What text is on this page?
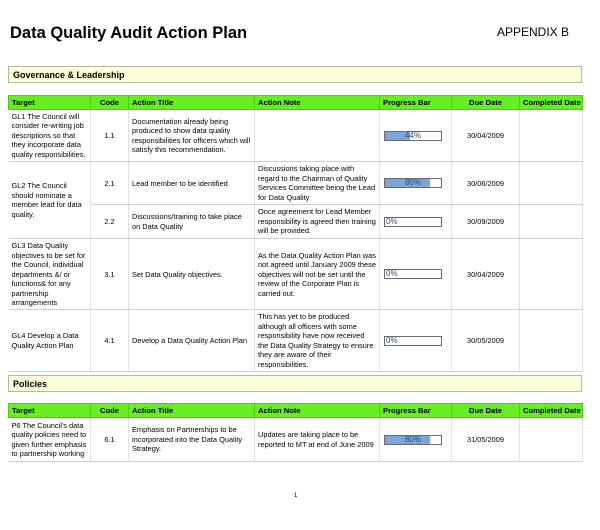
Data Quality Audit Action Plan	APPENDIX B
Governance & Leadership
Target	Code	Action Title	Action Note	Progress Bar	Due Date	Completed Date
GL1 The Council will consider re-writing job descriptions so that they incorporate data quality responsibilities.	1.1	Documentation already being produced to show data quality responsibilities for officers which will satisfy this recommendation.		44%	30/04/2009	
GL2 The Council should nominate a member lead for data quality.	2.1	Lead member to be identified	Discussions taking place with regard to the Chairman of Quality Services Committee being the Lead for Data Quality	80%	30/06/2009	
	2.2	Discussions/training to take place on Data Quality	Once agreement for Lead Member responsibility is agreed then training will be provided.	0%	30/09/2009	
GL3 Data Quality objectives to be set for the Council, individual departments &/ or functions& for any partnership arrangements	3.1	Set Data Quality objectives.	As the Data Quality Action Plan was not agreed until January 2009 these objectives will not be set until the review of the Corporate Plan is carried out.	0%	30/04/2009	
GL4 Develop a Data Quality Action Plan	4.1	Develop a Data Quality Action Plan	This has yet to be produced although all officers with some responsibility have now received the Data Quality Strategy to ensure they are aware of their responsibilities.	0%	30/05/2009	
Policies
Target	Code	Action Title	Action Note	Progress Bar	Due Date	Completed Date
P6 The Council's data quality policies need to given further emphasis to partnership working	6.1	Emphasis on Partnerships to be incorporated into the Data Quality Strategy.	Updates are taking place to be reported to MT at end of June 2009	80%	31/05/2009	
1
